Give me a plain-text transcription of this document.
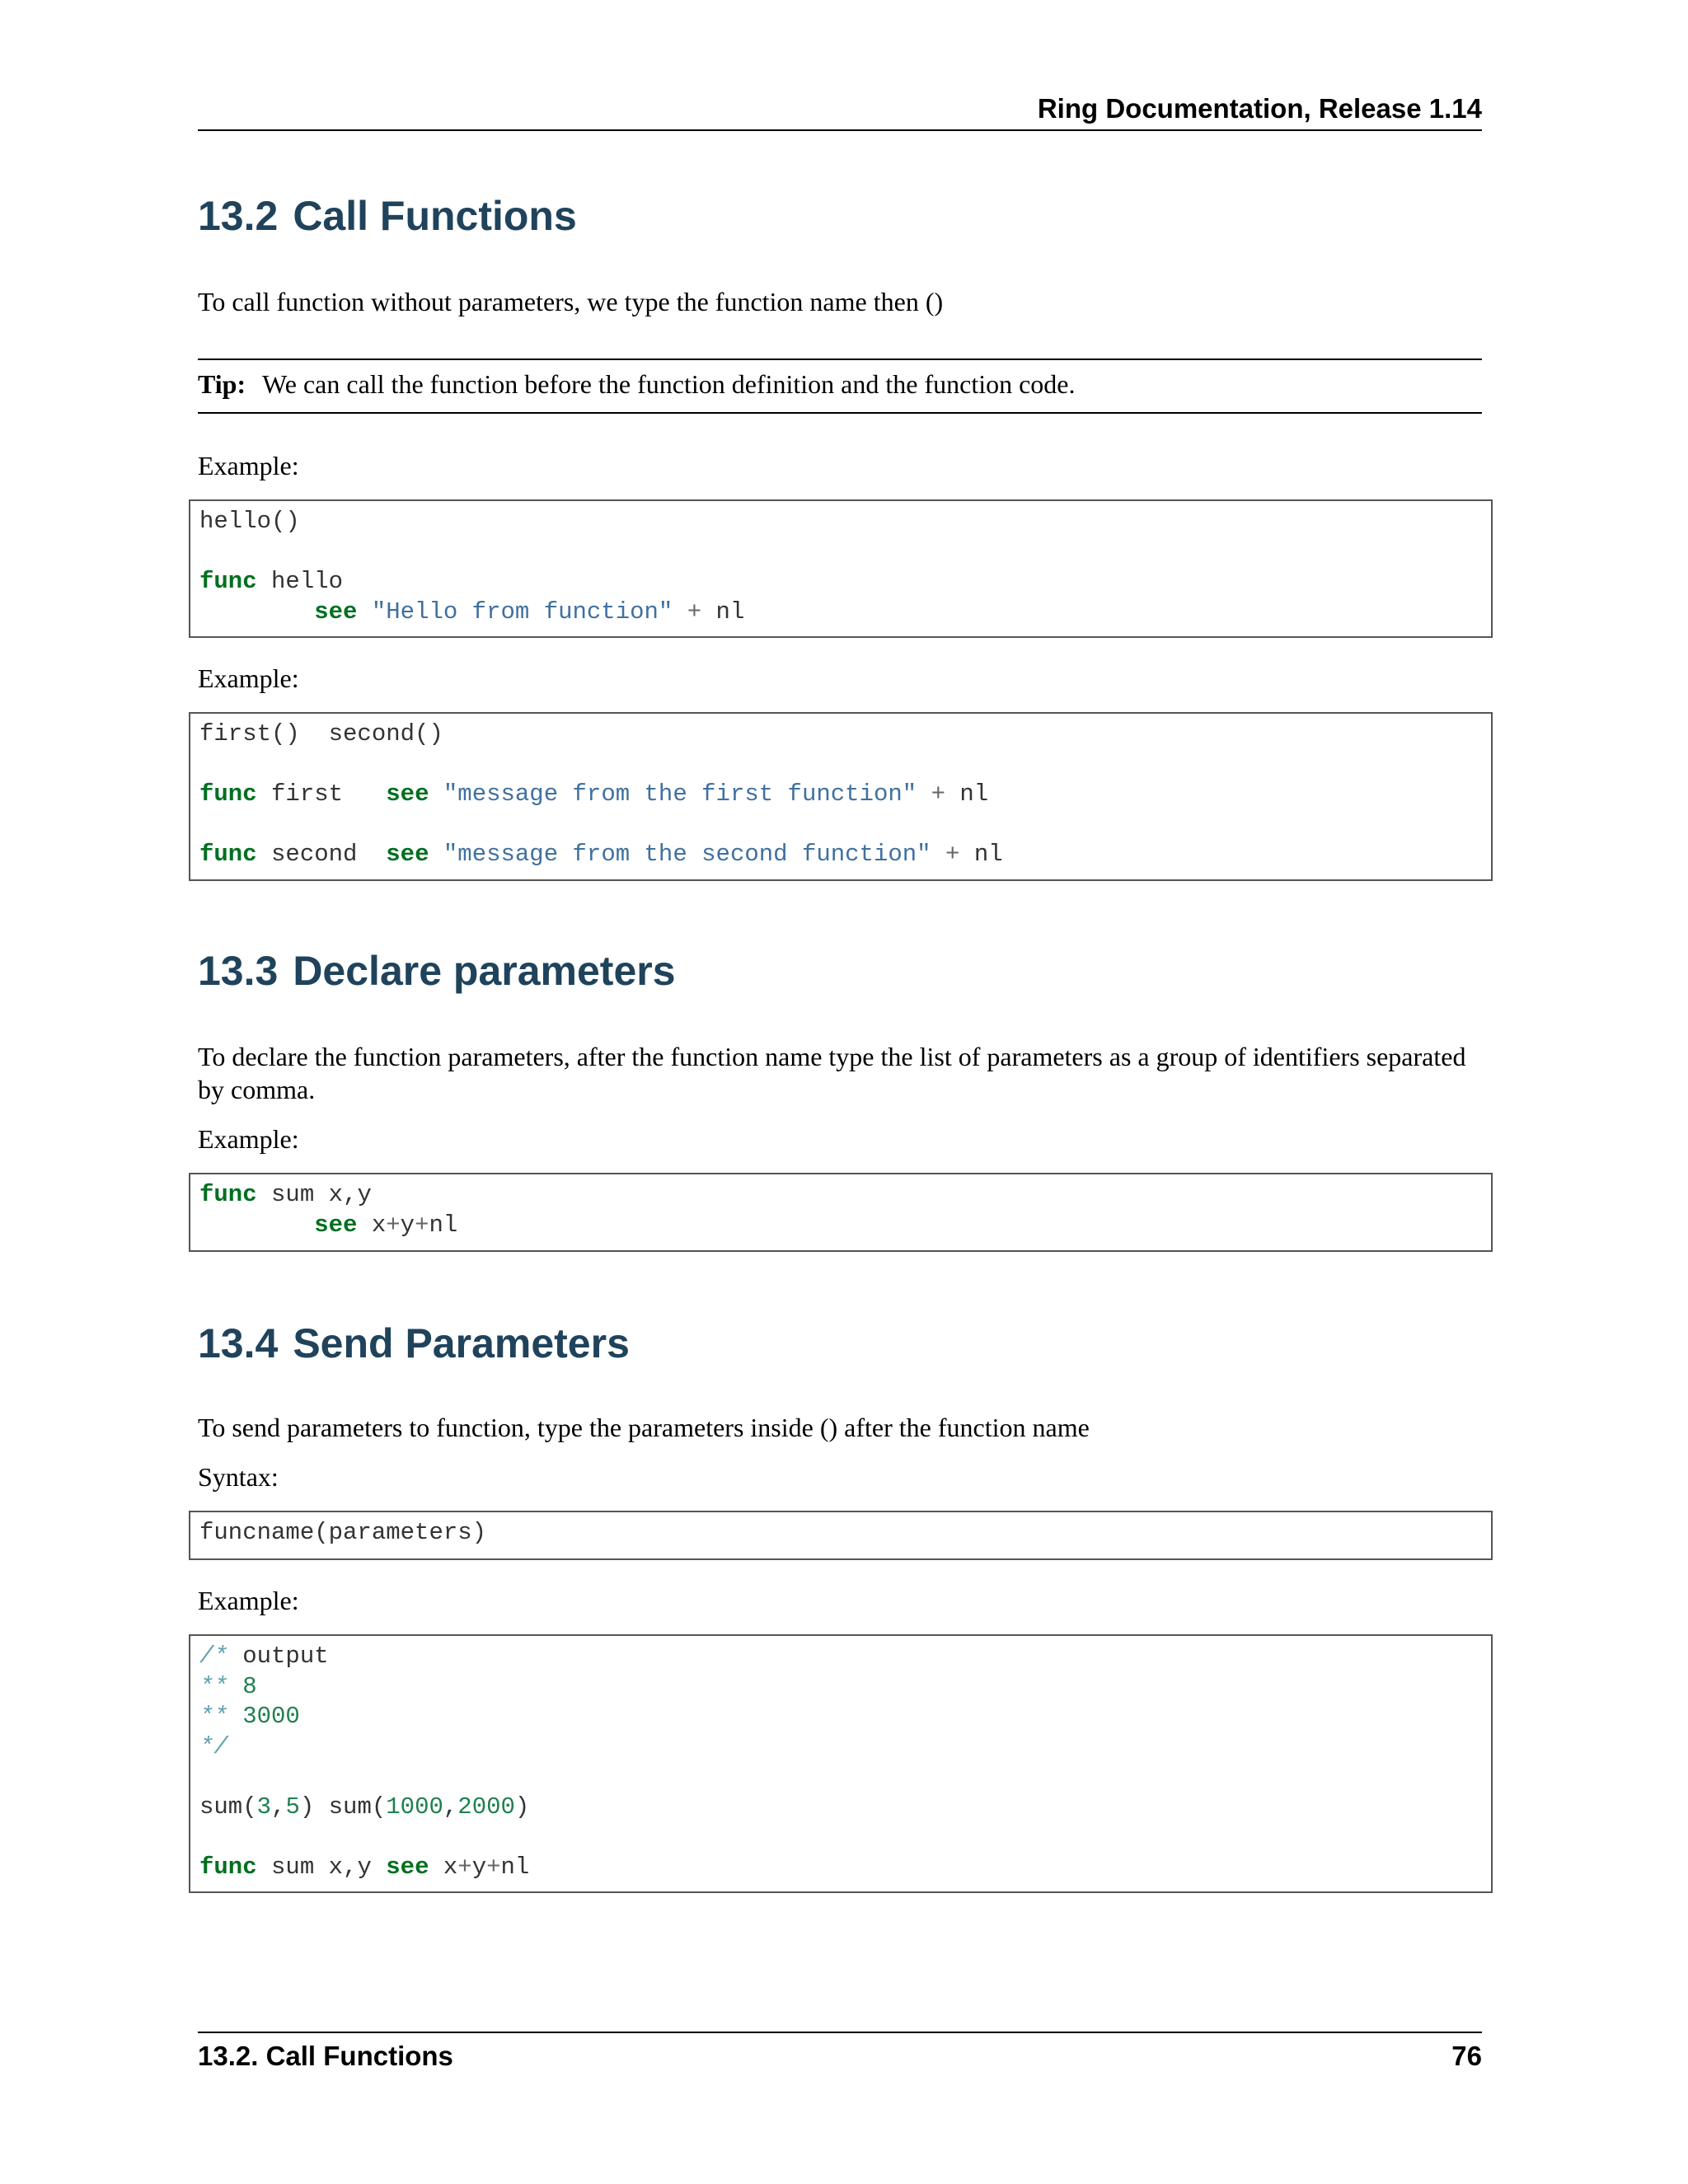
Ring Documentation, Release 1.14
13.2 Call Functions

To call function without parameters, we type the function name then ()

Tip: We can call the function before the function definition and the function code.

Example:

hello()
func hello
see "Hello from function" + nl

Example:

first()  second()
func first   see "message from the first function" + nl
func second  see "message from the second function" + nl
13.3 Declare parameters

To declare the function parameters, after the function name type the list of parameters as a group of identifiers separated by comma.

Example:

func sum x,y
see x+y+nl
13.4 Send Parameters

To send parameters to function, type the parameters inside () after the function name

Syntax:

funcname(parameters)

Example:

/* output
** 8
** 3000
*/
sum(3,5) sum(1000,2000)
func sum x,y see x+y+nl
13.2. Call Functions	76
